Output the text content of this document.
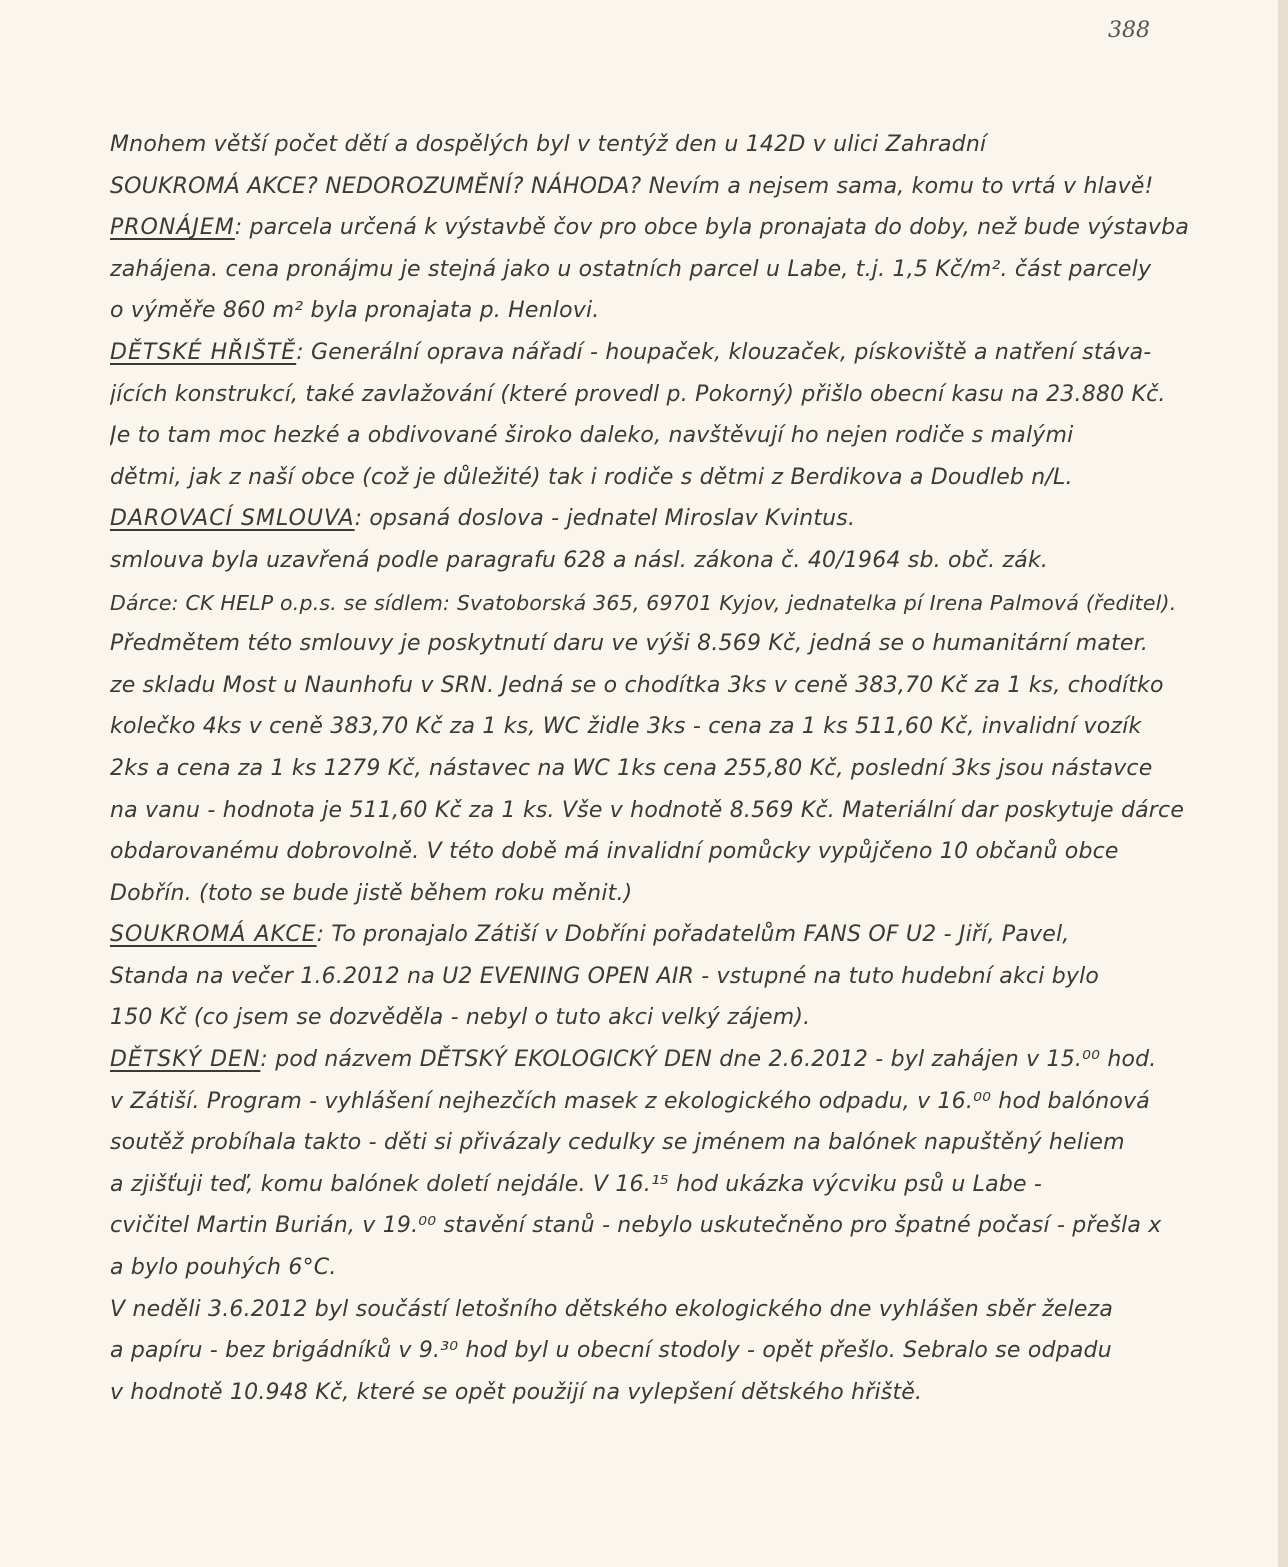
388
Mnohem větší počet dětí a dospělých byl v tentýž den u 142D v ulici Zahradní
SOUKROMÁ AKCE? NEDOROZUMĚNÍ? NÁHODA? Nevím a nejsem sama, komu to vrtá v hlavě!
PRONÁJEM: parcela určená k výstavbě čov pro obce byla pronajata do doby, než bude výstavba
zahájena. cena pronájmu je stejná jako u ostatních parcel u Labe, t.j. 1,5 Kč/m². část parcely
o výměře 860 m² byla pronajata p. Henlovi.
DĚTSKÉ HŘIŠTĚ: Generální oprava nářadí - houpaček, klouzaček, pískoviště a natření stáva-
jících konstrukcí, také zavlažování (které provedl p. Pokorný) přišlo obecní kasu na 23.880 Kč.
Je to tam moc hezké a obdivované široko daleko, navštěvují ho nejen rodiče s malými
dětmi, jak z naší obce (což je důležité) tak i rodiče s dětmi z Berdikova a Doudleb n/L.
DAROVACÍ SMLOUVA: opsaná doslova - jednatel Miroslav Kvintus.
smlouva byla uzavřená podle paragrafu 628 a násl. zákona č. 40/1964 sb. obč. zák.
Dárce: CK HELP o.p.s. se sídlem: Svatoborská 365, 69701 Kyjov, jednatelka pí Irena Palmová (ředitel).
Předmětem této smlouvy je poskytnutí daru ve výši 8.569 Kč, jedná se o humanitární mater.
ze skladu Most u Naunhofu v SRN. Jedná se o chodítka 3ks v ceně 383,70 Kč za 1 ks, chodítko
kolečko 4ks v ceně 383,70 Kč za 1 ks, WC židle 3ks - cena za 1 ks 511,60 Kč, invalidní vozík
2ks a cena za 1 ks 1279 Kč, nástavec na WC 1ks cena 255,80 Kč, poslední 3ks jsou nástavce
na vanu - hodnota je 511,60 Kč za 1 ks. Vše v hodnotě 8.569 Kč. Materiální dar poskytuje dárce
obdarovanému dobrovolně. V této době má invalidní pomůcky vypůjčeno 10 občanů obce
Dobřín. (toto se bude jistě během roku měnit.)
SOUKROMÁ AKCE: To pronajalo Zátiší v Dobříni pořadatelům FANS OF U2 - Jiří, Pavel,
Standa na večer 1.6.2012 na U2 EVENING OPEN AIR - vstupné na tuto hudební akci bylo
150 Kč (co jsem se dozvěděla - nebyl o tuto akci velký zájem).
DĚTSKÝ DEN: pod názvem DĚTSKÝ EKOLOGICKÝ DEN dne 2.6.2012 - byl zahájen v 15.⁰⁰ hod.
v Zátiší. Program - vyhlášení nejhezčích masek z ekologického odpadu, v 16.⁰⁰ hod balónová
soutěž probíhala takto - děti si přivázaly cedulky se jménem na balónek napuštěný heliem
a zjišťuji teď, komu balónek doletí nejdále. V 16.¹⁵ hod ukázka výcviku psů u Labe -
cvičitel Martin Burián, v 19.⁰⁰ stavění stanů - nebylo uskutečněno pro špatné počasí - přešla x
a bylo pouhých 6°C.
V neděli 3.6.2012 byl součástí letošního dětského ekologického dne vyhlášen sběr železa
a papíru - bez brigádníků v 9.³⁰ hod byl u obecní stodoly - opět přešlo. Sebralo se odpadu
v hodnotě 10.948 Kč, které se opět použijí na vylepšení dětského hřiště.
